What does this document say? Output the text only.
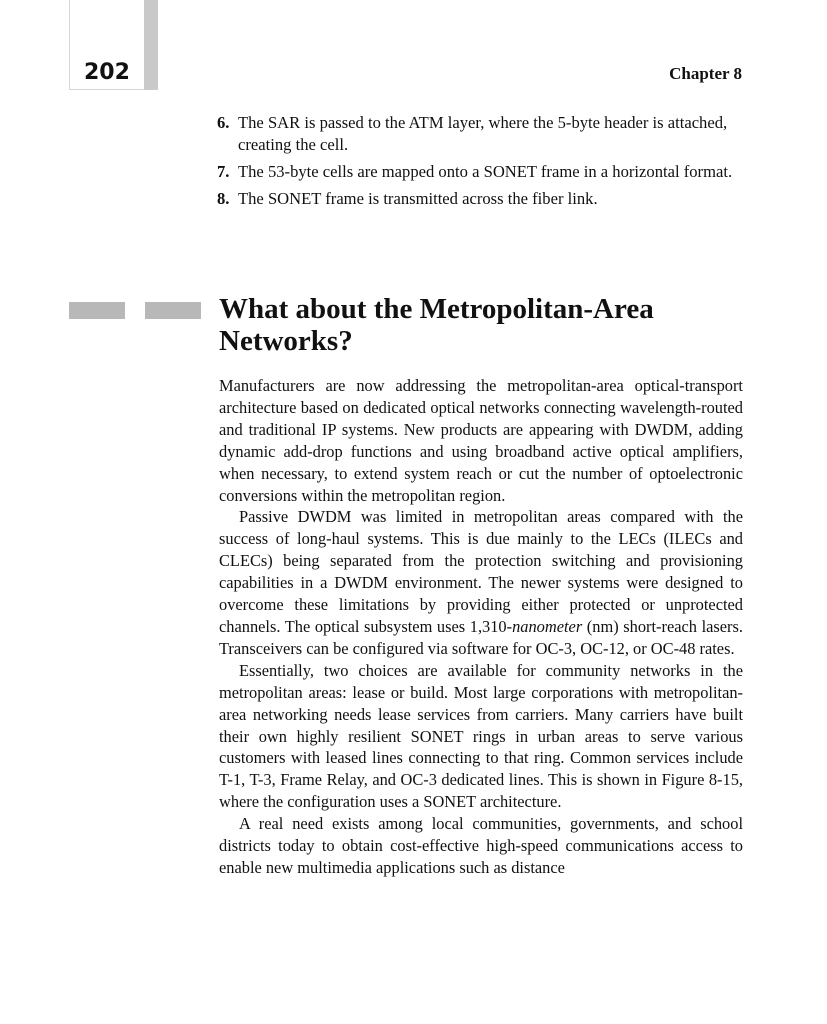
202	Chapter 8
6. The SAR is passed to the ATM layer, where the 5-byte header is attached, creating the cell.
7. The 53-byte cells are mapped onto a SONET frame in a horizontal format.
8. The SONET frame is transmitted across the fiber link.
What about the Metropolitan-Area Networks?

Manufacturers are now addressing the metropolitan-area optical-transport architecture based on dedicated optical networks connecting wavelength-routed and traditional IP systems. New products are appearing with DWDM, adding dynamic add-drop functions and using broadband active optical amplifiers, when necessary, to extend system reach or cut the number of optoelectronic conversions within the metropolitan region.

Passive DWDM was limited in metropolitan areas compared with the success of long-haul systems. This is due mainly to the LECs (ILECs and CLECs) being separated from the protection switching and provisioning capabilities in a DWDM environment. The newer systems were designed to overcome these limitations by providing either protected or unprotected channels. The optical subsystem uses 1,310-nanometer (nm) short-reach lasers. Transceivers can be configured via software for OC-3, OC-12, or OC-48 rates.

Essentially, two choices are available for community networks in the metropolitan areas: lease or build. Most large corporations with metropolitan-area networking needs lease services from carriers. Many carriers have built their own highly resilient SONET rings in urban areas to serve various customers with leased lines connecting to that ring. Common services include T-1, T-3, Frame Relay, and OC-3 dedicated lines. This is shown in Figure 8-15, where the configuration uses a SONET architecture.

A real need exists among local communities, governments, and school districts today to obtain cost-effective high-speed communications access to enable new multimedia applications such as distance
